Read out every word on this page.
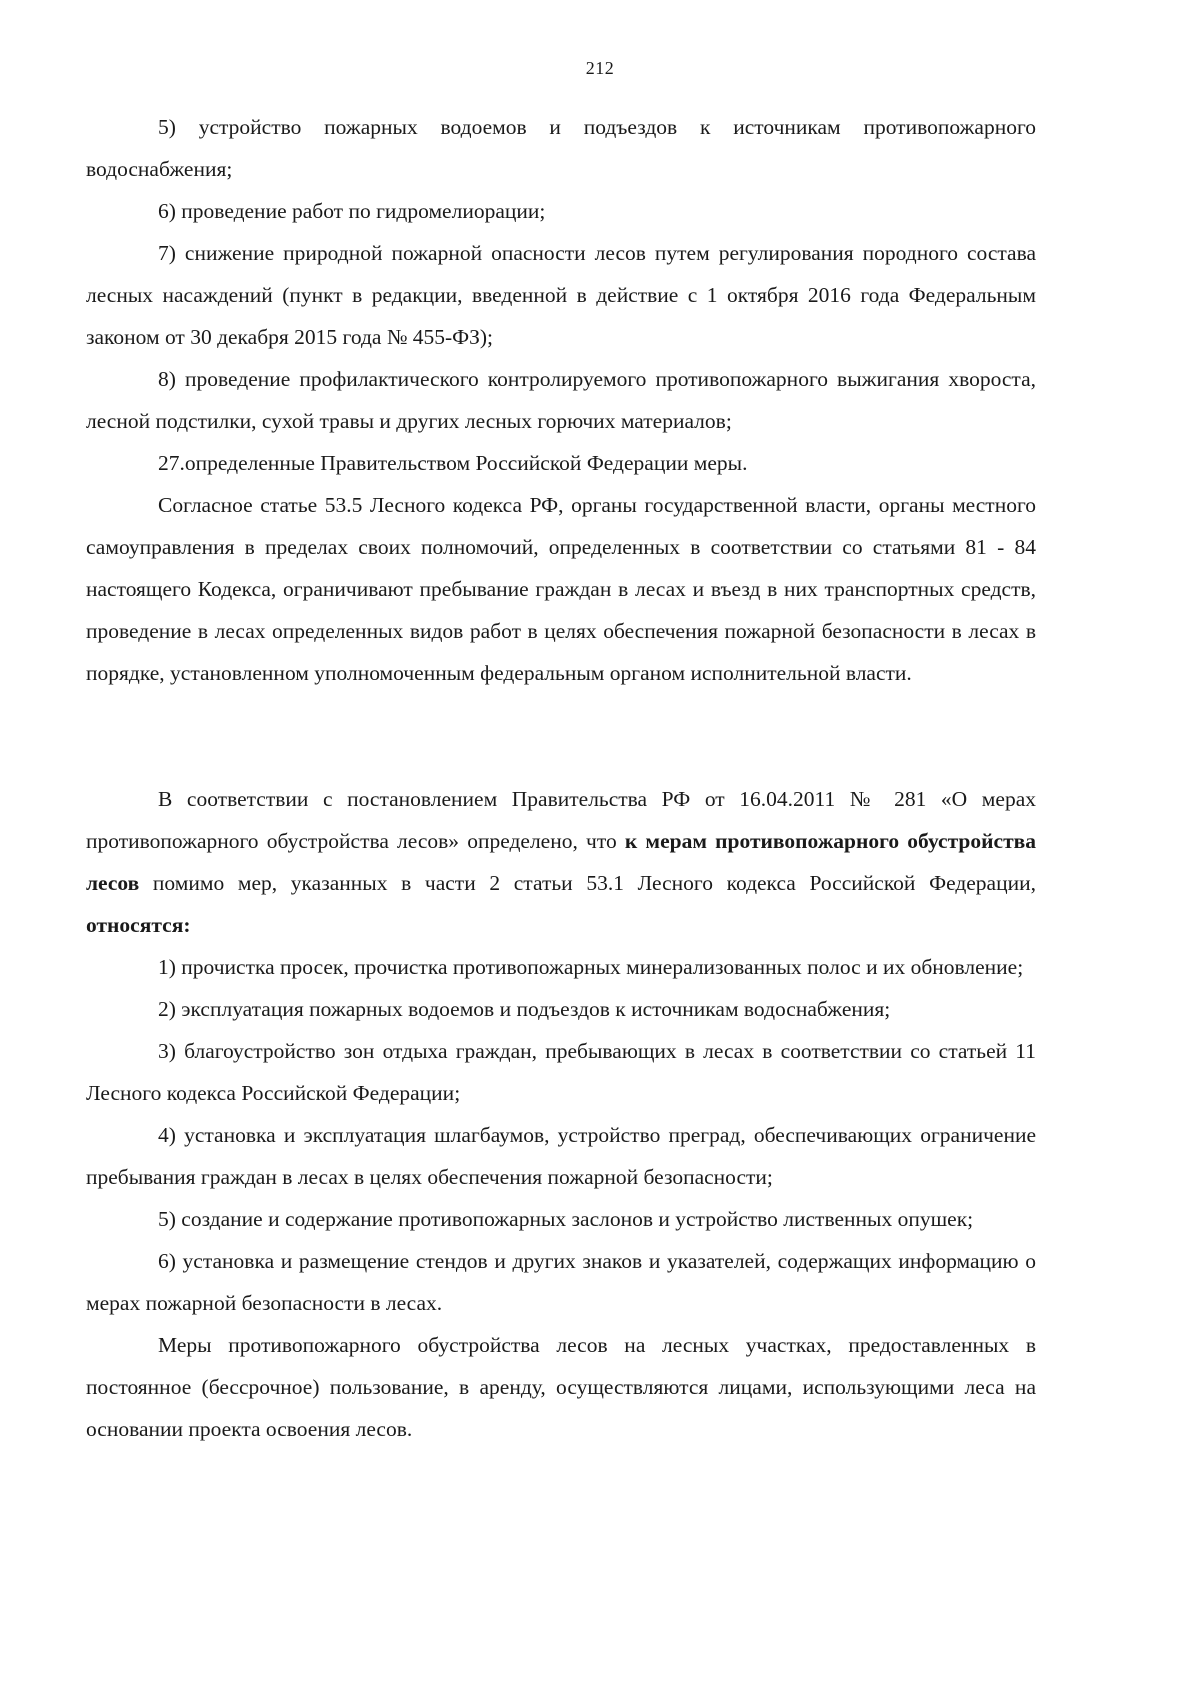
212

5) устройство пожарных водоемов и подъездов к источникам противопожарного водоснабжения;

6) проведение работ по гидромелиорации;

7) снижение природной пожарной опасности лесов путем регулирования породного состава лесных насаждений (пункт в редакции, введенной в действие с 1 октября 2016 года Федеральным законом от 30 декабря 2015 года № 455-ФЗ);

8) проведение профилактического контролируемого противопожарного выжигания хвороста, лесной подстилки, сухой травы и других лесных горючих материалов;

27.определенные Правительством Российской Федерации меры.

Согласное статье 53.5 Лесного кодекса РФ, органы государственной власти, органы местного самоуправления в пределах своих полномочий, определенных в соответствии со статьями 81 - 84 настоящего Кодекса, ограничивают пребывание граждан в лесах и въезд в них транспортных средств, проведение в лесах определенных видов работ в целях обеспечения пожарной безопасности в лесах в порядке, установленном уполномоченным федеральным органом исполнительной власти.

В соответствии с постановлением Правительства РФ от 16.04.2011 № 281 «О мерах противопожарного обустройства лесов» определено, что к мерам противопожарного обустройства лесов помимо мер, указанных в части 2 статьи 53.1 Лесного кодекса Российской Федерации, относятся:

1) прочистка просек, прочистка противопожарных минерализованных полос и их обновление;

2) эксплуатация пожарных водоемов и подъездов к источникам водоснабжения;

3) благоустройство зон отдыха граждан, пребывающих в лесах в соответствии со статьей 11 Лесного кодекса Российской Федерации;

4) установка и эксплуатация шлагбаумов, устройство преград, обеспечивающих ограничение пребывания граждан в лесах в целях обеспечения пожарной безопасности;

5) создание и содержание противопожарных заслонов и устройство лиственных опушек;

6) установка и размещение стендов и других знаков и указателей, содержащих информацию о мерах пожарной безопасности в лесах.

Меры противопожарного обустройства лесов на лесных участках, предоставленных в постоянное (бессрочное) пользование, в аренду, осуществляются лицами, использующими леса на основании проекта освоения лесов.
